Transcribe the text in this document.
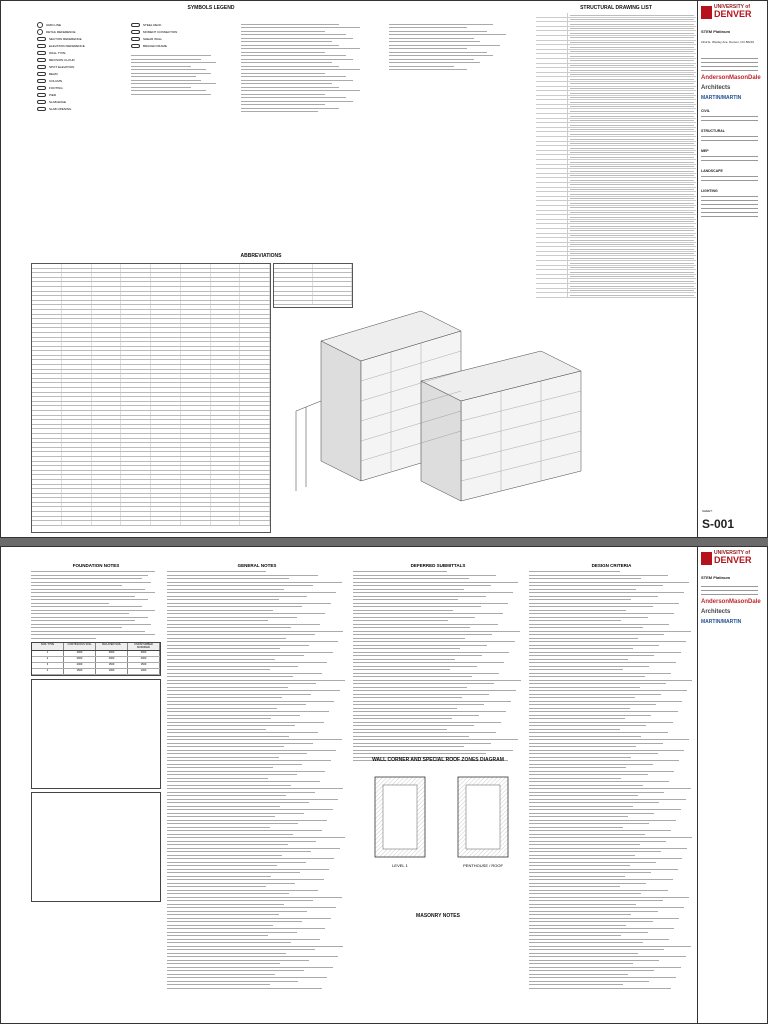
SYMBOLS LEGEND	STRUCTURAL DRAWING LIST
GRID LINE
DETAIL REFERENCE
SECTION REFERENCE
ELEVATION REFERENCE
WALL TYPE
REVISION CLOUD
SPOT ELEVATION
BEAM
COLUMN
FOOTING
PIER
SLAB EDGE
SLAB OPENING
STEEL DECK
MOMENT CONNECTION
SHEAR WALL
BRACED FRAME
ABBREVIATIONS
UNIVERSITY of
DENVER
STEM Platinum
2112 E. Wesley Ave. Denver, CO 80210
AndersonMasonDale
Architects
MARTIN/MARTIN
CIVIL
STRUCTURAL
MEP
LANDSCAPE
LIGHTING
SHEET:
S-001
FOUNDATION NOTES
SOIL TYPE	CONTINUOUS SOIL	ISOLATED SOIL	UNDISTURBED MODIFIED
1	4000	3000	3000
2	3000	2000	2000
3	2000	1500	1500
4	1500	1000	1000
GENERAL NOTES	DEFERRED SUBMITTALS
WALL CORNER AND SPECIAL ROOF ZONES DIAGRAM
LEVEL 1	PENTHOUSE / ROOF
MASONRY NOTES
DESIGN CRITERIA
UNIVERSITY of
DENVER
STEM Platinum
AndersonMasonDale
Architects
MARTIN/MARTIN
